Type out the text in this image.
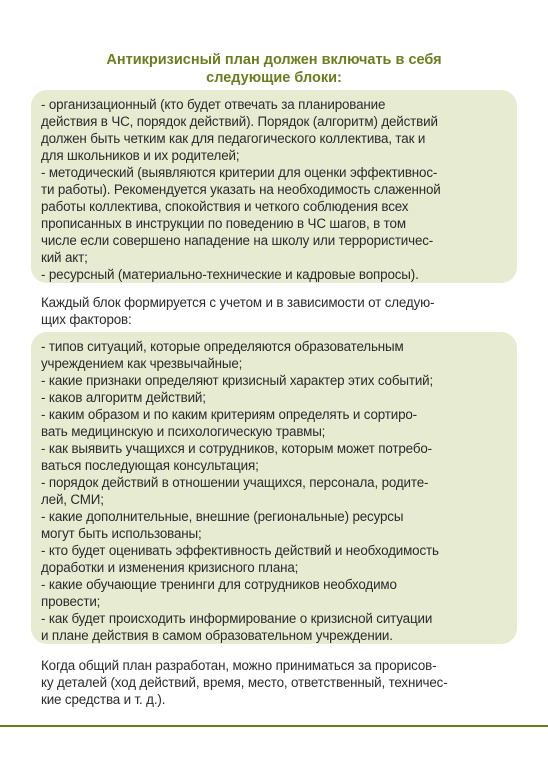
Антикризисный план должен включать в себя
следующие блоки:
- организационный (кто будет отвечать за планирование
действия в ЧС, порядок действий). Порядок (алгоритм) действий
должен быть четким как для педагогического коллектива, так и
для школьников и их родителей;
- методический (выявляются критерии для оценки эффективнос-
ти работы). Рекомендуется указать на необходимость слаженной
работы коллектива, спокойствия и четкого соблюдения всех
прописанных в инструкции по поведению в ЧС шагов, в том
числе если совершено нападение на школу или террористичес-
кий акт;
- ресурсный (материально-технические и кадровые вопросы).
Каждый блок формируется с учетом и в зависимости от следую-
щих факторов:
- типов ситуаций, которые определяются образовательным
учреждением как чрезвычайные;
- какие признаки определяют кризисный характер этих событий;
- каков алгоритм действий;
- каким образом и по каким критериям определять и сортиро-
вать медицинскую и психологическую травмы;
- как выявить учащихся и сотрудников, которым может потребо-
ваться последующая консультация;
- порядок действий в отношении учащихся, персонала, родите-
лей, СМИ;
- какие дополнительные, внешние (региональные) ресурсы
могут быть использованы;
- кто будет оценивать эффективность действий и необходимость
доработки и изменения кризисного плана;
- какие обучающие тренинги для сотрудников необходимо
провести;
- как будет происходить информирование о кризисной ситуации
и плане действия в самом образовательном учреждении.
Когда общий план разработан, можно приниматься за прорисов-
ку деталей (ход действий, время, место, ответственный, техничес-
кие средства и т. д.).
